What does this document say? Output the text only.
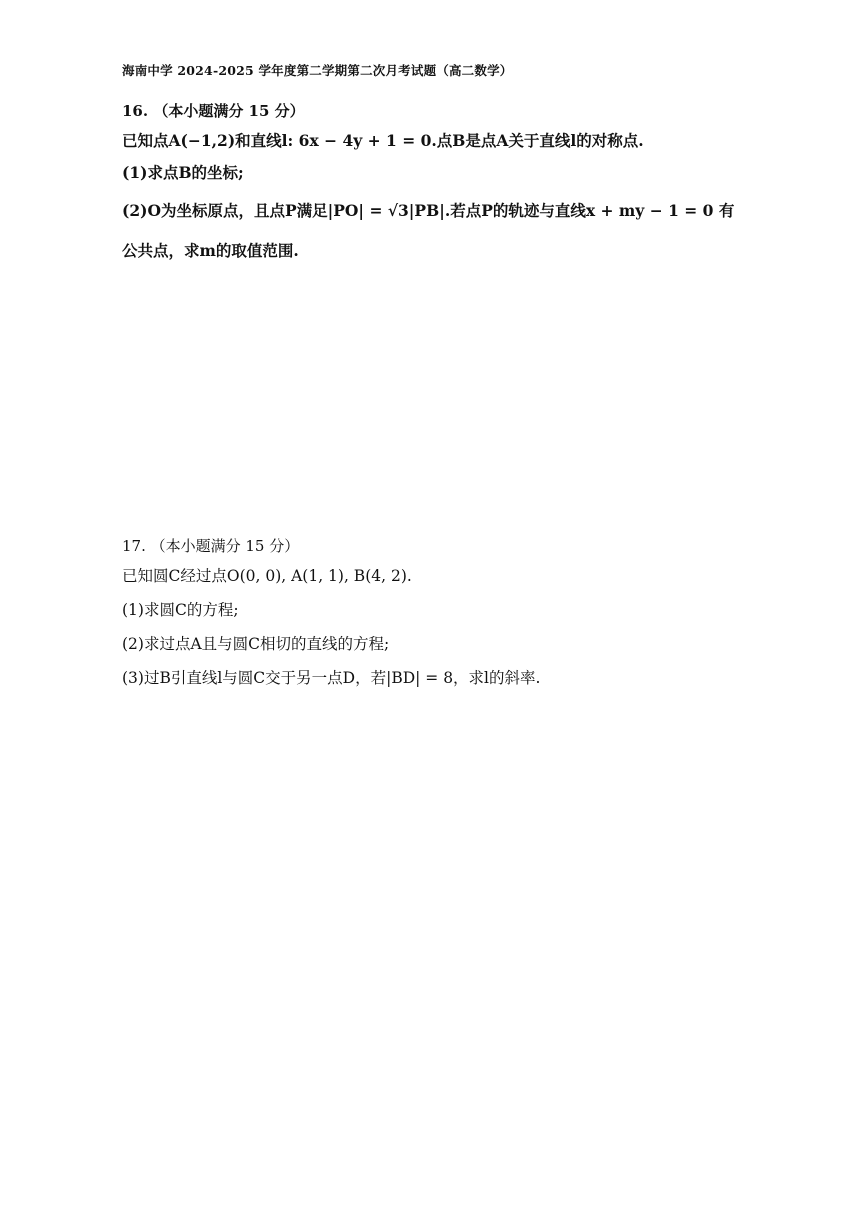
海南中学 2024-2025 学年度第二学期第二次月考试题（高二数学）
16. （本小题满分 15 分）
已知点A(−1,2)和直线l: 6x − 4y + 1 = 0.点B是点A关于直线l的对称点.
(1)求点B的坐标;
(2)O为坐标原点，且点P满足|PO| = √3|PB|.若点P的轨迹与直线x + my − 1 = 0 有
公共点，求m的取值范围.
17. （本小题满分 15 分）
已知圆C经过点O(0, 0), A(1, 1), B(4, 2).
(1)求圆C的方程;
(2)求过点A且与圆C相切的直线的方程;
(3)过B引直线l与圆C交于另一点D，若|BD| = 8，求l的斜率.
